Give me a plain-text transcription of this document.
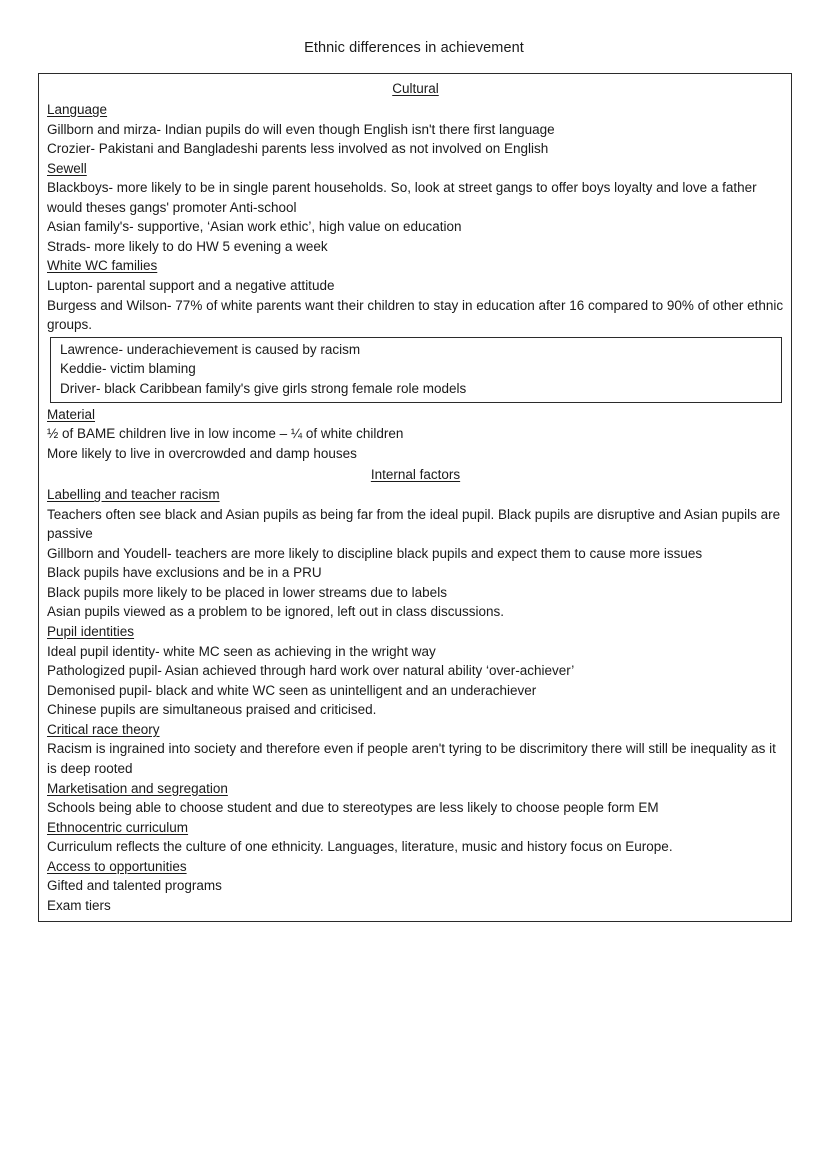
Ethnic differences in achievement
Cultural
Language
Gillborn and mirza- Indian pupils do will even though English isn't there first language
Crozier- Pakistani and Bangladeshi parents less involved as not involved on English
Sewell
Blackboys- more likely to be in single parent households. So, look at street gangs to offer boys loyalty and love a father would theses gangs' promoter Anti-school
Asian family's- supportive, ‘Asian work ethic’, high value on education
Strads- more likely to do HW 5 evening a week
White WC families
Lupton- parental support and a negative attitude
Burgess and Wilson- 77% of white parents want their children to stay in education after 16 compared to 90% of other ethnic groups.
Lawrence- underachievement is caused by racism
Keddie- victim blaming
Driver- black Caribbean family's give girls strong female role models
Material
½ of BAME children live in low income – ¼ of white children
More likely to live in overcrowded and damp houses
Internal factors
Labelling and teacher racism
Teachers often see black and Asian pupils as being far from the ideal pupil. Black pupils are disruptive and Asian pupils are passive
Gillborn and Youdell- teachers are more likely to discipline black pupils and expect them to cause more issues
Black pupils have exclusions and be in a PRU
Black pupils more likely to be placed in lower streams due to labels
Asian pupils viewed as a problem to be ignored, left out in class discussions.
Pupil identities
Ideal pupil identity- white MC seen as achieving in the wright way
Pathologized pupil- Asian achieved through hard work over natural ability ‘over-achiever’
Demonised pupil- black and white WC seen as unintelligent and an underachiever
Chinese pupils are simultaneous praised and criticised.
Critical race theory
Racism is ingrained into society and therefore even if people aren't tyring to be discrimitory there will still be inequality as it is deep rooted
Marketisation and segregation
Schools being able to choose student and due to stereotypes are less likely to choose people form EM
Ethnocentric curriculum
Curriculum reflects the culture of one ethnicity. Languages, literature, music and history focus on Europe.
Access to opportunities
Gifted and talented programs
Exam tiers
